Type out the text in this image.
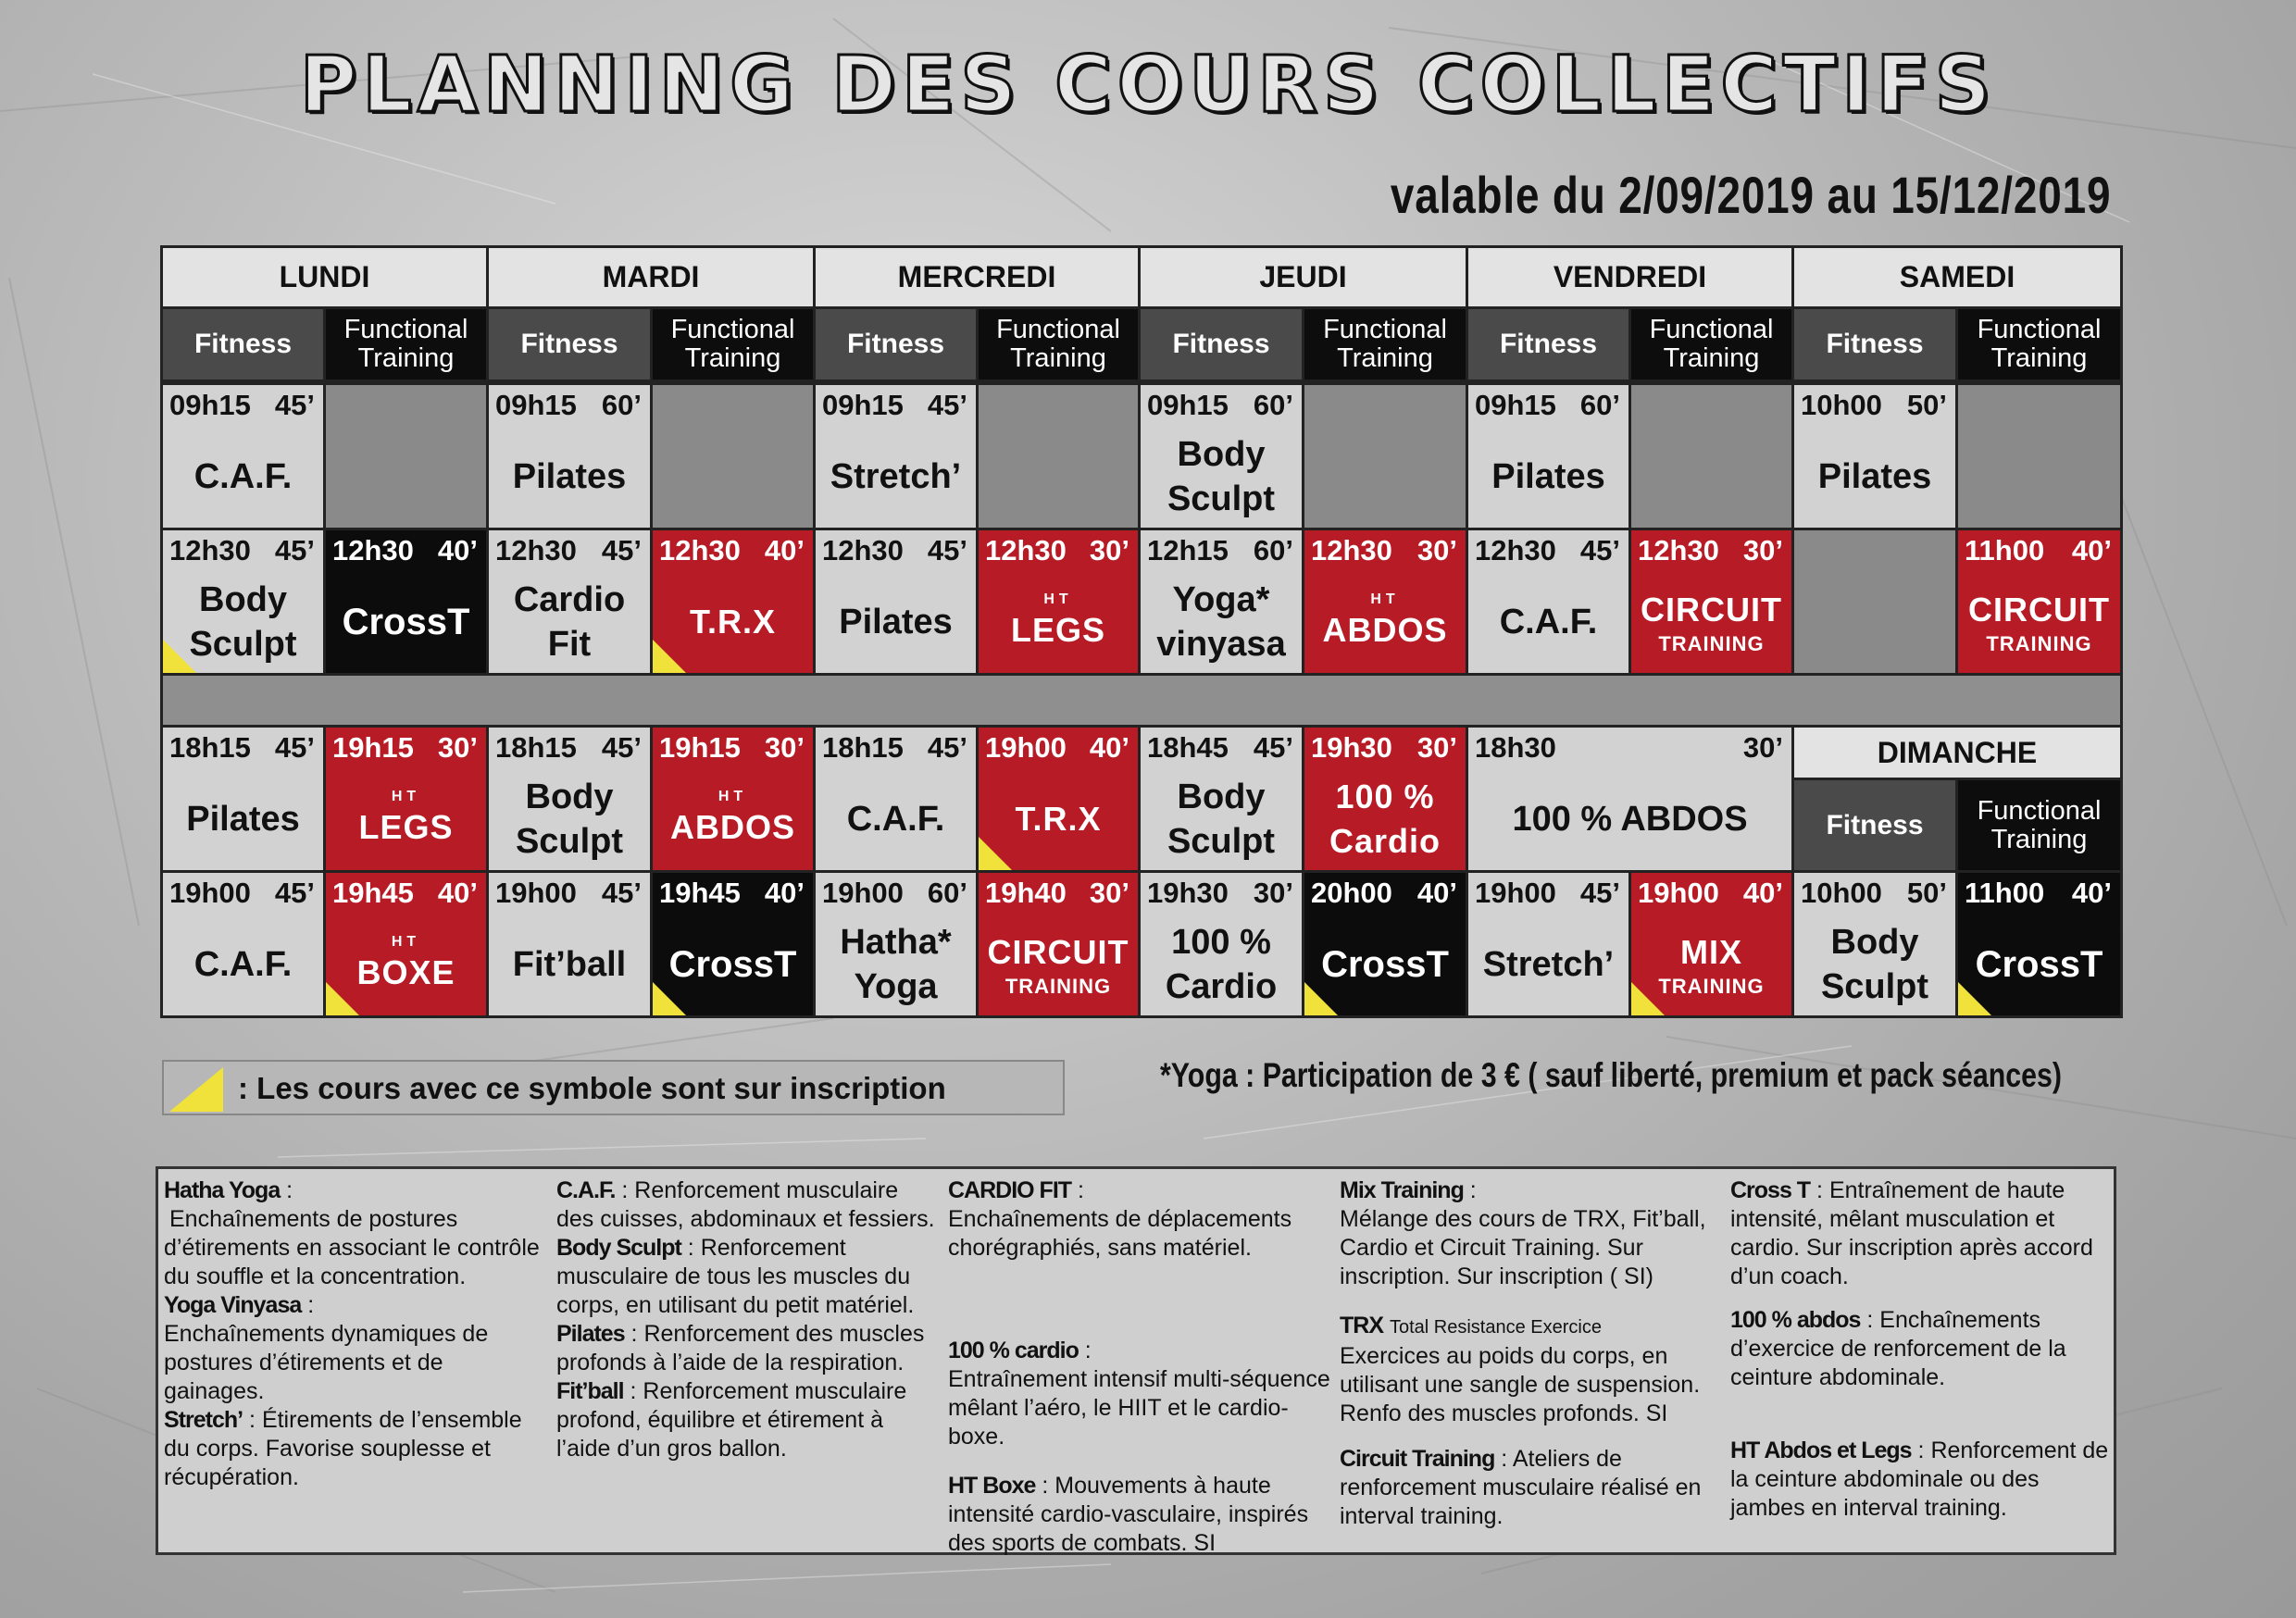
PLANNING DES COURS COLLECTIFS
valable du 2/09/2019 au 15/12/2019
LUNDI
Fitness Functional
Training
MARDI
Fitness Functional
Training
MERCREDI
Fitness Functional
Training
JEUDI
Fitness Functional
Training
VENDREDI
Fitness Functional
Training
SAMEDI
Fitness Functional
Training
09h15 45’
C.A.F.
09h15 60’
Pilates
09h15 45’
Stretch’
09h15 60’
Body
Sculpt
09h15 60’
Pilates
10h00 50’
Pilates
12h30 45’
Body
Sculpt
12h30 40’
CrossT
12h30 45’
Cardio
Fit
12h30 40’
T.R.X
12h30 45’
Pilates
12h30 30’
HT
LEGS
12h15 60’
Yoga*
vinyasa
12h30 30’
HT
ABDOS
12h30 45’
C.A.F.
12h30 30’
CIRCUIT
TRAINING
11h00 40’
CIRCUIT
TRAINING
18h15 45’
Pilates
19h15 30’
HT
LEGS
18h15 45’
Body
Sculpt
19h15 30’
HT
ABDOS
18h15 45’
C.A.F.
19h00 40’
T.R.X
18h45 45’
Body
Sculpt
19h30 30’
100 %
Cardio
18h30	30’
100 % ABDOS
19h00 45’
C.A.F.
19h45 40’
HT
BOXE
19h00 45’
Fit’ball
19h45 40’
CrossT
19h00 60’
Hatha*
Yoga
19h40 30’
CIRCUIT
TRAINING
19h30 30’
100 %
Cardio
20h00 40’
CrossT
19h00 45’
Stretch’
19h00 40’
MIX
TRAINING
10h00 50’
Body
Sculpt
11h00 40’
CrossT
DIMANCHE
Fitness Functional
Training
: Les cours avec ce symbole sont sur inscription	*Yoga : Participation de 3 € ( sauf liberté, premium et pack séances)

Hatha Yoga :
Enchaînements de postures d’étirements en associant le contrôle du souffle et la concentration.

Yoga Vinyasa :
Enchaînements dynamiques de postures d’étirements et de gainages.

Stretch’ : Étirements de l’ensemble du corps. Favorise souplesse et récupération.

C.A.F. : Renforcement musculaire des cuisses, abdominaux et fessiers.

Body Sculpt : Renforcement musculaire de tous les muscles du corps, en utilisant du petit matériel.

Pilates : Renforcement des muscles profonds à l’aide de la respiration.

Fit’ball : Renforcement musculaire profond, équilibre et étirement à l’aide d’un gros ballon.

CARDIO FIT :
Enchaînements de déplacements chorégraphiés, sans matériel.

100 % cardio :
Entraînement intensif multi-séquence mêlant l’aéro, le HIIT et le cardio-boxe.

HT Boxe : Mouvements à haute intensité cardio-vasculaire, inspirés des sports de combats. SI

Mix Training :
Mélange des cours de TRX, Fit’ball, Cardio et Circuit Training. Sur inscription. Sur inscription ( SI)

TRX Total Resistance Exercice
Exercices au poids du corps, en utilisant une sangle de suspension. Renfo des muscles profonds. SI

Circuit Training : Ateliers de renforcement musculaire réalisé en interval training.

Cross T : Entraînement de haute intensité, mêlant musculation et cardio. Sur inscription après accord d’un coach.

100 % abdos : Enchaînements d’exercice de renforcement de la ceinture abdominale.

HT Abdos et Legs : Renforcement de la ceinture abdominale ou des jambes en interval training.
